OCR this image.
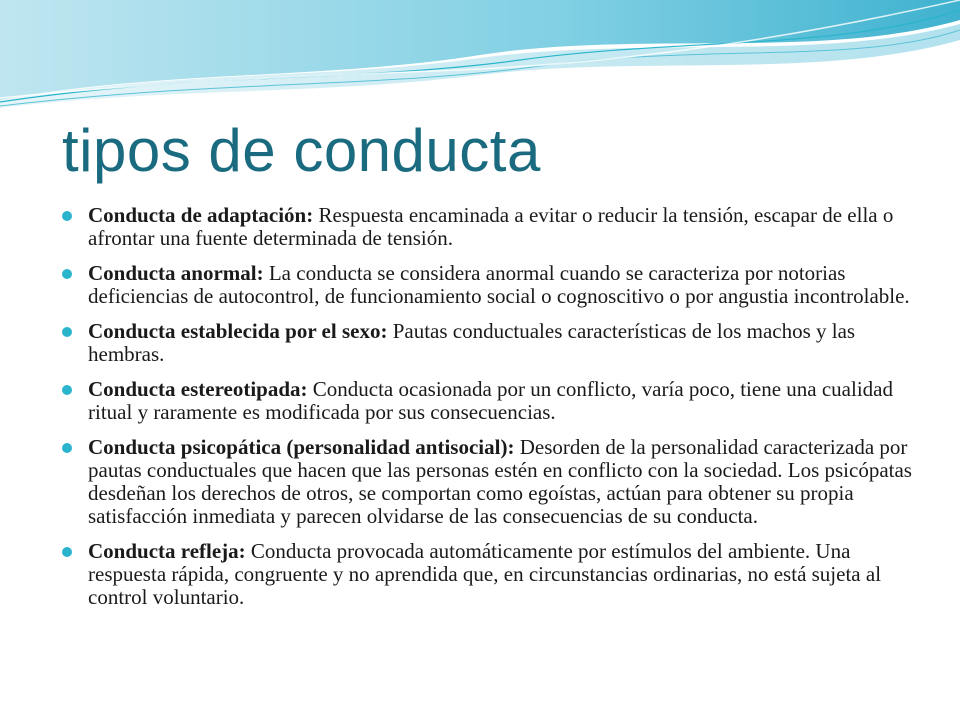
tipos de conducta
Conducta de adaptación: Respuesta encaminada a evitar o reducir la tensión, escapar de ella o afrontar una fuente determinada de tensión.
Conducta anormal: La conducta se considera anormal cuando se caracteriza por notorias deficiencias de autocontrol, de funcionamiento social o cognoscitivo o por angustia incontrolable.
Conducta establecida por el sexo: Pautas conductuales características de los machos y las hembras.
Conducta estereotipada: Conducta ocasionada por un conflicto, varía poco, tiene una cualidad ritual y raramente es modificada por sus consecuencias.
Conducta psicopática (personalidad antisocial): Desorden de la personalidad caracterizada por pautas conductuales que hacen que las personas estén en conflicto con la sociedad. Los psicópatas desdeñan los derechos de otros, se comportan como egoístas, actúan para obtener su propia satisfacción inmediata y parecen olvidarse de las consecuencias de su conducta.
Conducta refleja: Conducta provocada automáticamente por estímulos del ambiente. Una respuesta rápida, congruente y no aprendida que, en circunstancias ordinarias, no está sujeta al control voluntario.
